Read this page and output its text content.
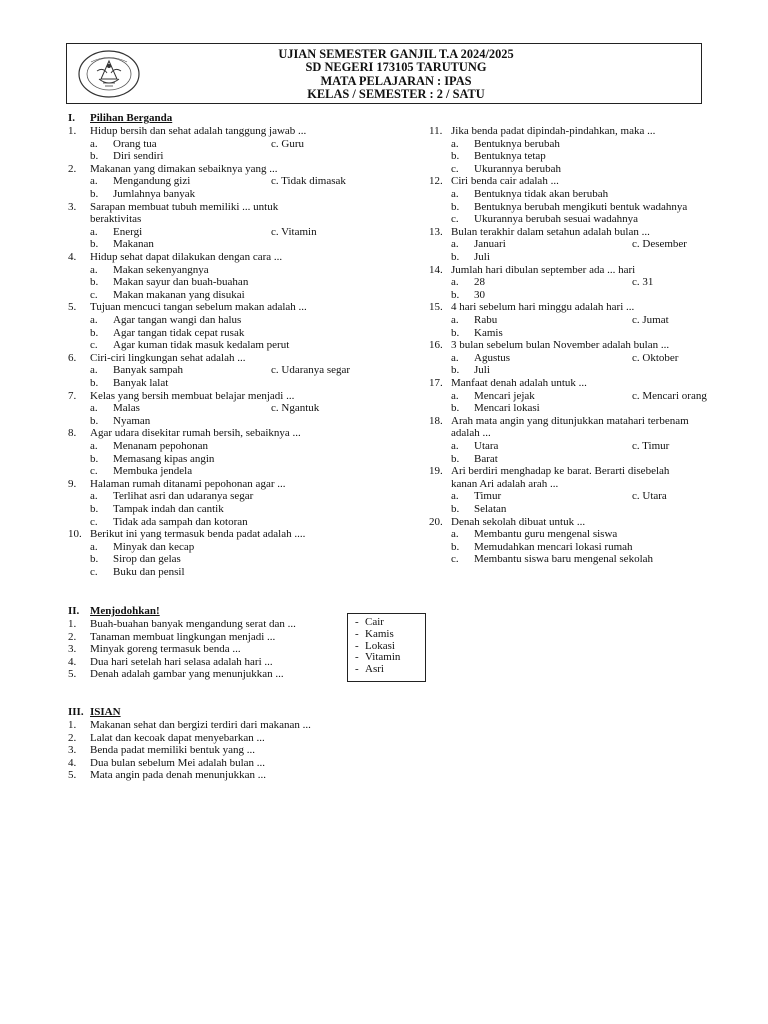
UJIAN SEMESTER GANJIL T.A 2024/2025
SD NEGERI 173105 TARUTUNG
MATA PELAJARAN : IPAS
KELAS / SEMESTER : 2 / SATU
I. Pilihan Berganda
1. Hidup bersih dan sehat adalah tanggung jawab ...
a. Orang tua	c. Guru
b. Diri sendiri
2. Makanan yang dimakan sebaiknya yang ...
a. Mengandung gizi	c. Tidak dimasak
b. Jumlahnya banyak
3. Sarapan membuat tubuh memiliki ... untuk
beraktivitas
a. Energi	c. Vitamin
b. Makanan
4. Hidup sehat dapat dilakukan dengan cara ...
a. Makan sekenyangnya
b. Makan sayur dan buah-buahan
c. Makan makanan yang disukai
5. Tujuan mencuci tangan sebelum makan adalah ...
a. Agar tangan wangi dan halus
b. Agar tangan tidak cepat rusak
c. Agar kuman tidak masuk kedalam perut
6. Ciri-ciri lingkungan sehat adalah ...
a. Banyak sampah	c. Udaranya segar
b. Banyak lalat
7. Kelas yang bersih membuat belajar menjadi ...
a. Malas	c. Ngantuk
b. Nyaman
8. Agar udara disekitar rumah bersih, sebaiknya ...
a. Menanam pepohonan
b. Memasang kipas angin
c. Membuka jendela
9. Halaman rumah ditanami pepohonan agar ...
a. Terlihat asri dan udaranya segar
b. Tampak indah dan cantik
c. Tidak ada sampah dan kotoran
10. Berikut ini yang termasuk benda padat adalah ....
a. Minyak dan kecap
b. Sirop dan gelas
c. Buku dan pensil
11. Jika benda padat dipindah-pindahkan, maka ...
a. Bentuknya berubah
b. Bentuknya tetap
c. Ukurannya berubah
12. Ciri benda cair adalah ...
a. Bentuknya tidak akan berubah
b. Bentuknya berubah mengikuti bentuk wadahnya
c. Ukurannya berubah sesuai wadahnya
13. Bulan terakhir dalam setahun adalah bulan ...
a. Januari	c. Desember
b. Juli
14. Jumlah hari dibulan september ada ... hari
a. 28	c. 31
b. 30
15. 4 hari sebelum hari minggu adalah hari ...
a. Rabu	c. Jumat
b. Kamis
16. 3 bulan sebelum bulan November adalah bulan ...
a. Agustus	c. Oktober
b. Juli
17. Manfaat denah adalah untuk ...
a. Mencari jejak	c. Mencari orang
b. Mencari lokasi
18. Arah mata angin yang ditunjukkan matahari terbenam
adalah ...
a. Utara	c. Timur
b. Barat
19. Ari berdiri menghadap ke barat. Berarti disebelah
kanan Ari adalah arah ...
a. Timur	c. Utara
b. Selatan
20. Denah sekolah dibuat untuk ...
a. Membantu guru mengenal siswa
b. Memudahkan mencari lokasi rumah
c. Membantu siswa baru mengenal sekolah
II. Menjodohkan!
1. Buah-buahan banyak mengandung serat dan ...
2. Tanaman membuat lingkungan menjadi ...
3. Minyak goreng termasuk benda ...
4. Dua hari setelah hari selasa adalah hari ...
5. Denah adalah gambar yang menunjukkan ...
- Cair
- Kamis
- Lokasi
- Vitamin
- Asri
III. ISIAN
1. Makanan sehat dan bergizi terdiri dari makanan ...
2. Lalat dan kecoak dapat menyebarkan ...
3. Benda padat memiliki bentuk yang ...
4. Dua bulan sebelum Mei adalah bulan ...
5. Mata angin pada denah menunjukkan ...
